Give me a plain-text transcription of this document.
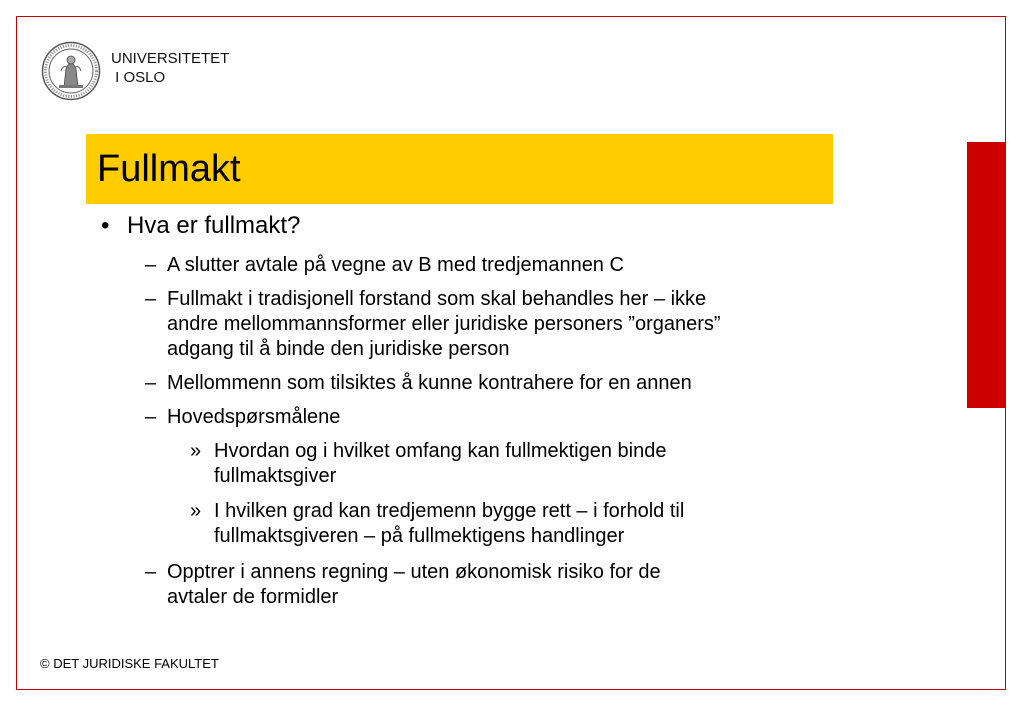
UNIVERSITETET
I OSLO
Fullmakt
• Hva er fullmakt?
– A slutter avtale på vegne av B med tredjemannen C
– Fullmakt i tradisjonell forstand som skal behandles her – ikke
andre mellommannsformer eller juridiske personers ”organers”
adgang til å binde den juridiske person
– Mellommenn som tilsiktes å kunne kontrahere for en annen
– Hovedspørsmålene
» Hvordan og i hvilket omfang kan fullmektigen binde
fullmaktsgiver
» I hvilken grad kan tredjemenn bygge rett – i forhold til
fullmaktsgiveren – på fullmektigens handlinger
– Opptrer i annens regning – uten økonomisk risiko for de
avtaler de formidler
© DET JURIDISKE FAKULTET
